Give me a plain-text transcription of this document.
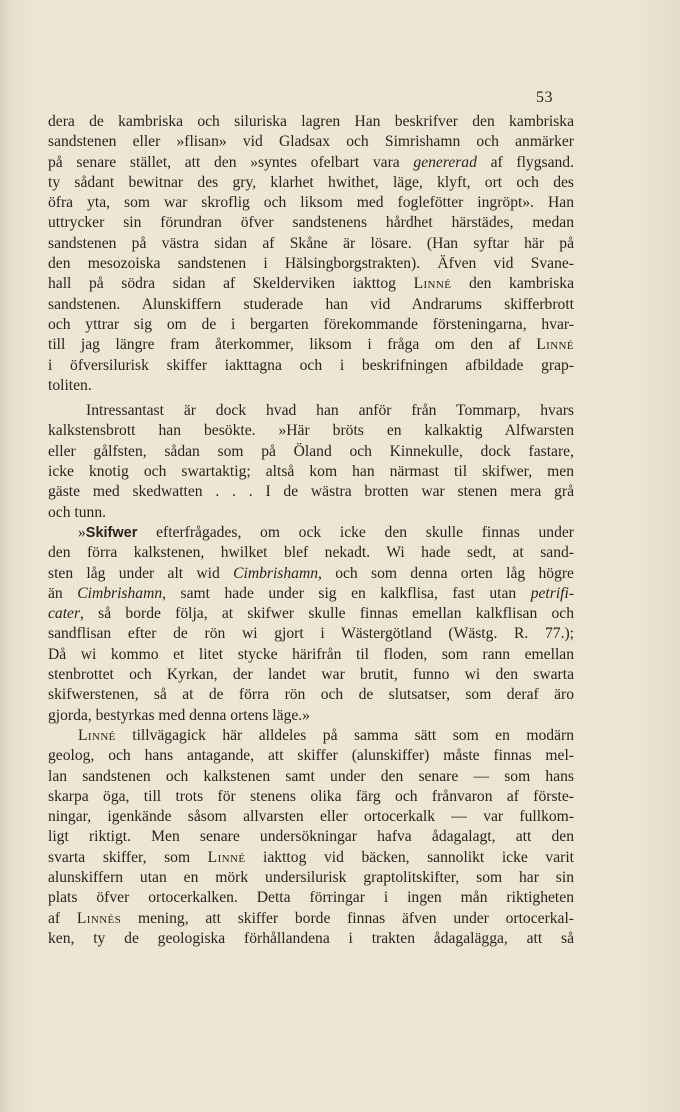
53
dera de kambriska och siluriska lagren Han beskrifver den kambriska
sandstenen eller »flisan» vid Gladsax och Simrishamn och anmärker
på senare stället, att den »syntes ofelbart vara genererad af flygsand.
ty sådant bewitnar des gry, klarhet hwithet, läge, klyft, ort och des
öfra yta, som war skroflig och liksom med foglefötter ingröpt». Han
uttrycker sin förundran öfver sandstenens hårdhet härstädes, medan
sandstenen på västra sidan af Skåne är lösare. (Han syftar här på
den mesozoiska sandstenen i Hälsingborgstrakten). Äfven vid Svane-
hall på södra sidan af Skelderviken iakttog Linné den kambriska
sandstenen. Alunskiffern studerade han vid Andrarums skifferbrott
och yttrar sig om de i bergarten förekommande försteningarna, hvar-
till jag längre fram återkommer, liksom i fråga om den af Linné
i öfversilurisk skiffer iakttagna och i beskrifningen afbildade grap-
toliten.
Intressantast är dock hvad han anför från Tommarp, hvars
kalkstensbrott han besökte. »Här bröts en kalkaktig Alfwarsten
eller gålfsten, sådan som på Öland och Kinnekulle, dock fastare,
icke knotig och swartaktig; altså kom han närmast til skifwer, men
gäste med skedwatten . . . I de wästra brotten war stenen mera grå
och tunn.
»Skifwer efterfrågades, om ock icke den skulle finnas under
den förra kalkstenen, hwilket blef nekadt. Wi hade sedt, at sand-
sten låg under alt wid Cimbrishamn, och som denna orten låg högre
än Cimbrishamn, samt hade under sig en kalkflisa, fast utan petrifi-
cater, så borde följa, at skifwer skulle finnas emellan kalkflisan och
sandflisan efter de rön wi gjort i Wästergötland (Wästg. R. 77.);
Då wi kommo et litet stycke härifrån til floden, som rann emellan
stenbrottet och Kyrkan, der landet war brutit, funno wi den swarta
skifwerstenen, så at de förra rön och de slutsatser, som deraf äro
gjorda, bestyrkas med denna ortens läge.»
Linné tillvägagick här alldeles på samma sätt som en modärn
geolog, och hans antagande, att skiffer (alunskiffer) måste finnas mel-
lan sandstenen och kalkstenen samt under den senare — som hans
skarpa öga, till trots för stenens olika färg och frånvaron af förste-
ningar, igenkände såsom allvarsten eller ortocerkalk — var fullkom-
ligt riktigt. Men senare undersökningar hafva ådagalagt, att den
svarta skiffer, som Linné iakttog vid bäcken, sannolikt icke varit
alunskiffern utan en mörk undersilurisk graptolitskifter, som har sin
plats öfver ortocerkalken. Detta förringar i ingen mån riktigheten
af Linnés mening, att skiffer borde finnas äfven under ortocerkal-
ken, ty de geologiska förhållandena i trakten ådagalägga, att så
